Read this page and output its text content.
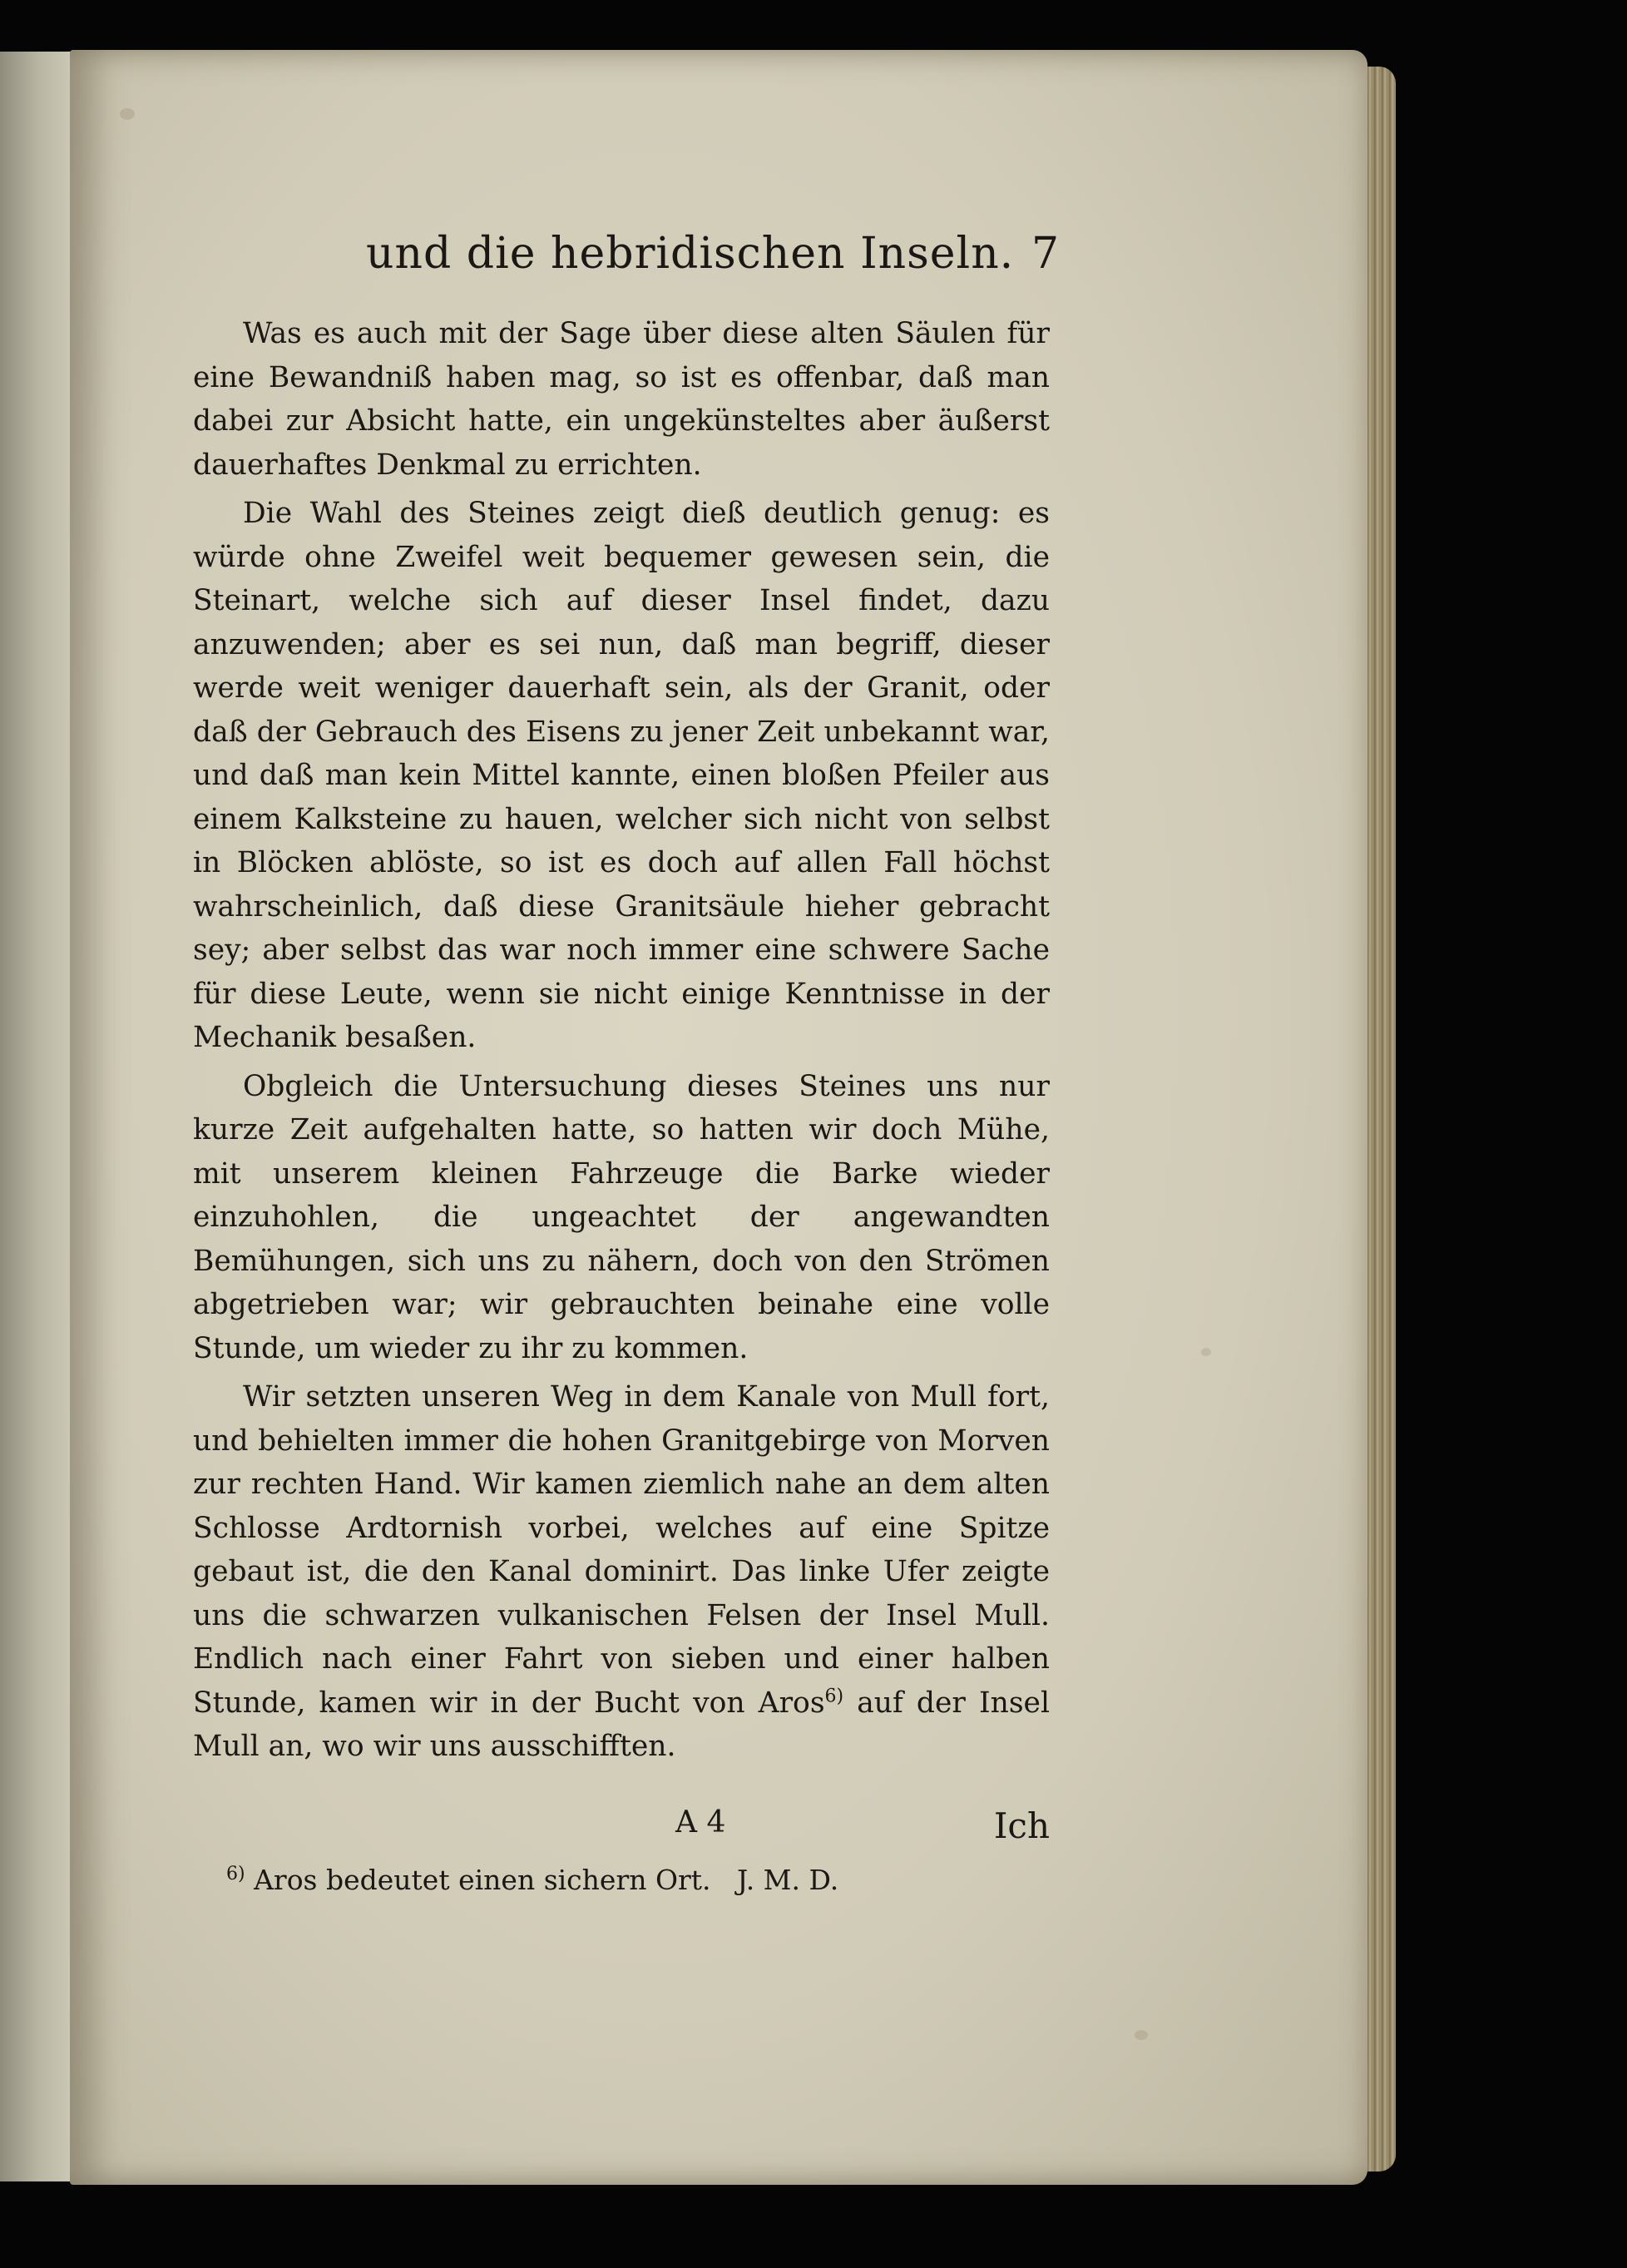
und die hebridischen Inseln. 7

Was es auch mit der Sage über diese alten Säulen für eine Bewandniß haben mag, so ist es offenbar, daß man dabei zur Absicht hatte, ein ungekünsteltes aber äußerst dauerhaftes Denkmal zu errichten.

Die Wahl des Steines zeigt dieß deutlich genug: es würde ohne Zweifel weit bequemer gewesen sein, die Steinart, welche sich auf dieser Insel findet, dazu anzuwenden; aber es sei nun, daß man begriff, dieser werde weit weniger dauerhaft sein, als der Granit, oder daß der Gebrauch des Eisens zu jener Zeit unbekannt war, und daß man kein Mittel kannte, einen bloßen Pfeiler aus einem Kalksteine zu hauen, welcher sich nicht von selbst in Blöcken ablöste, so ist es doch auf allen Fall höchst wahrscheinlich, daß diese Granitsäule hieher gebracht sey; aber selbst das war noch immer eine schwere Sache für diese Leute, wenn sie nicht einige Kenntnisse in der Mechanik besaßen.

Obgleich die Untersuchung dieses Steines uns nur kurze Zeit aufgehalten hatte, so hatten wir doch Mühe, mit unserem kleinen Fahrzeuge die Barke wieder einzuhohlen, die ungeachtet der angewandten Bemühungen, sich uns zu nähern, doch von den Strömen abgetrieben war; wir gebrauchten beinahe eine volle Stunde, um wieder zu ihr zu kommen.

Wir setzten unseren Weg in dem Kanale von Mull fort, und behielten immer die hohen Granitgebirge von Morven zur rechten Hand. Wir kamen ziemlich nahe an dem alten Schlosse Ardtornish vorbei, welches auf eine Spitze gebaut ist, die den Kanal dominirt. Das linke Ufer zeigte uns die schwarzen vulkanischen Felsen der Insel Mull. Endlich nach einer Fahrt von sieben und einer halben Stunde, kamen wir in der Bucht von Aros$^{6)}$ auf der Insel Mull an, wo wir uns ausschifften.

A 4	Ich
$^{6)}$ Aros bedeutet einen sichern Ort. J. M. D.
